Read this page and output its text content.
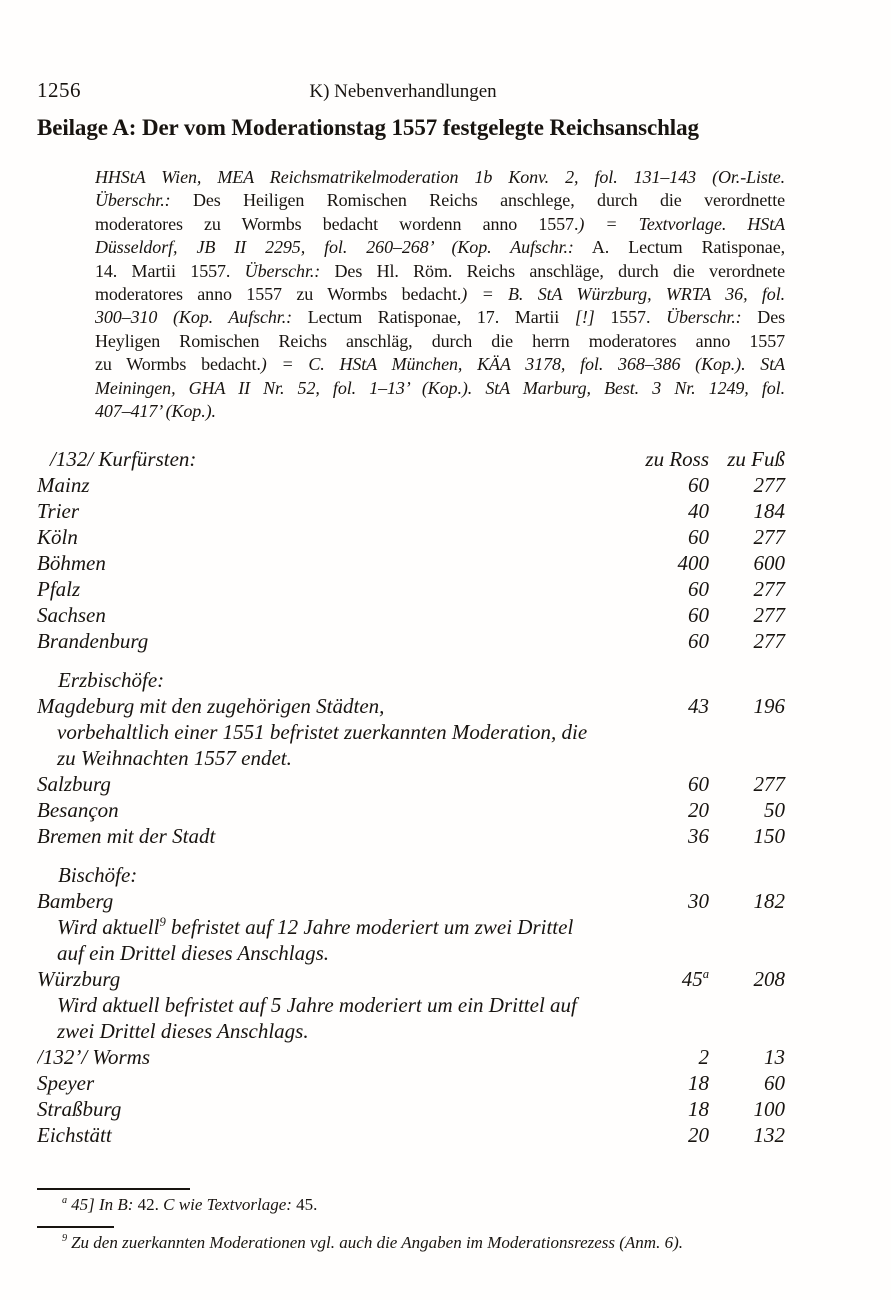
1256	K) Nebenverhandlungen
Beilage A: Der vom Moderationstag 1557 festgelegte Reichsanschlag
HHStA Wien, MEA Reichsmatrikelmoderation 1b Konv. 2, fol. 131–143 (Or.-Liste.
Überschr.: Des Heiligen Romischen Reichs anschlege, durch die verordnette
moderatores zu Wormbs bedacht wordenn anno 1557.) = Textvorlage. HStA
Düsseldorf, JB II 2295, fol. 260–268’ (Kop. Aufschr.: A. Lectum Ratisponae,
14. Martii 1557. Überschr.: Des Hl. Röm. Reichs anschläge, durch die verordnete
moderatores anno 1557 zu Wormbs bedacht.) = B. StA Würzburg, WRTA 36, fol.
300–310 (Kop. Aufschr.: Lectum Ratisponae, 17. Martii [!] 1557. Überschr.: Des
Heyligen Romischen Reichs anschläg, durch die herrn moderatores anno 1557
zu Wormbs bedacht.) = C. HStA München, KÄA 3178, fol. 368–386 (Kop.). StA
Meiningen, GHA II Nr. 52, fol. 1–13’ (Kop.). StA Marburg, Best. 3 Nr. 1249, fol.
407–417’ (Kop.).
/132/ Kurfürsten:	zu Ross zu Fuß
Mainz	60	277
Trier	40	184
Köln	60	277
Böhmen	400	600
Pfalz	60	277
Sachsen	60	277
Brandenburg	60	277
Erzbischöfe:
Magdeburg mit den zugehörigen Städten,	43	196
vorbehaltlich einer 1551 befristet zuerkannten Moderation, die
zu Weihnachten 1557 endet.
Salzburg	60	277
Besançon	20	50
Bremen mit der Stadt	36	150
Bischöfe:
Bamberg	30	182
Wird aktuell$^9$ befristet auf 12 Jahre moderiert um zwei Drittel
auf ein Drittel dieses Anschlags.
Würzburg	45$^a$	208
Wird aktuell befristet auf 5 Jahre moderiert um ein Drittel auf
zwei Drittel dieses Anschlags.
/132’/ Worms	2	13
Speyer	18	60
Straßburg	18	100
Eichstätt	20	132
$^a$ 45] In B: 42. C wie Textvorlage: 45.
$^9$ Zu den zuerkannten Moderationen vgl. auch die Angaben im Moderationsrezess (Anm. 6).
